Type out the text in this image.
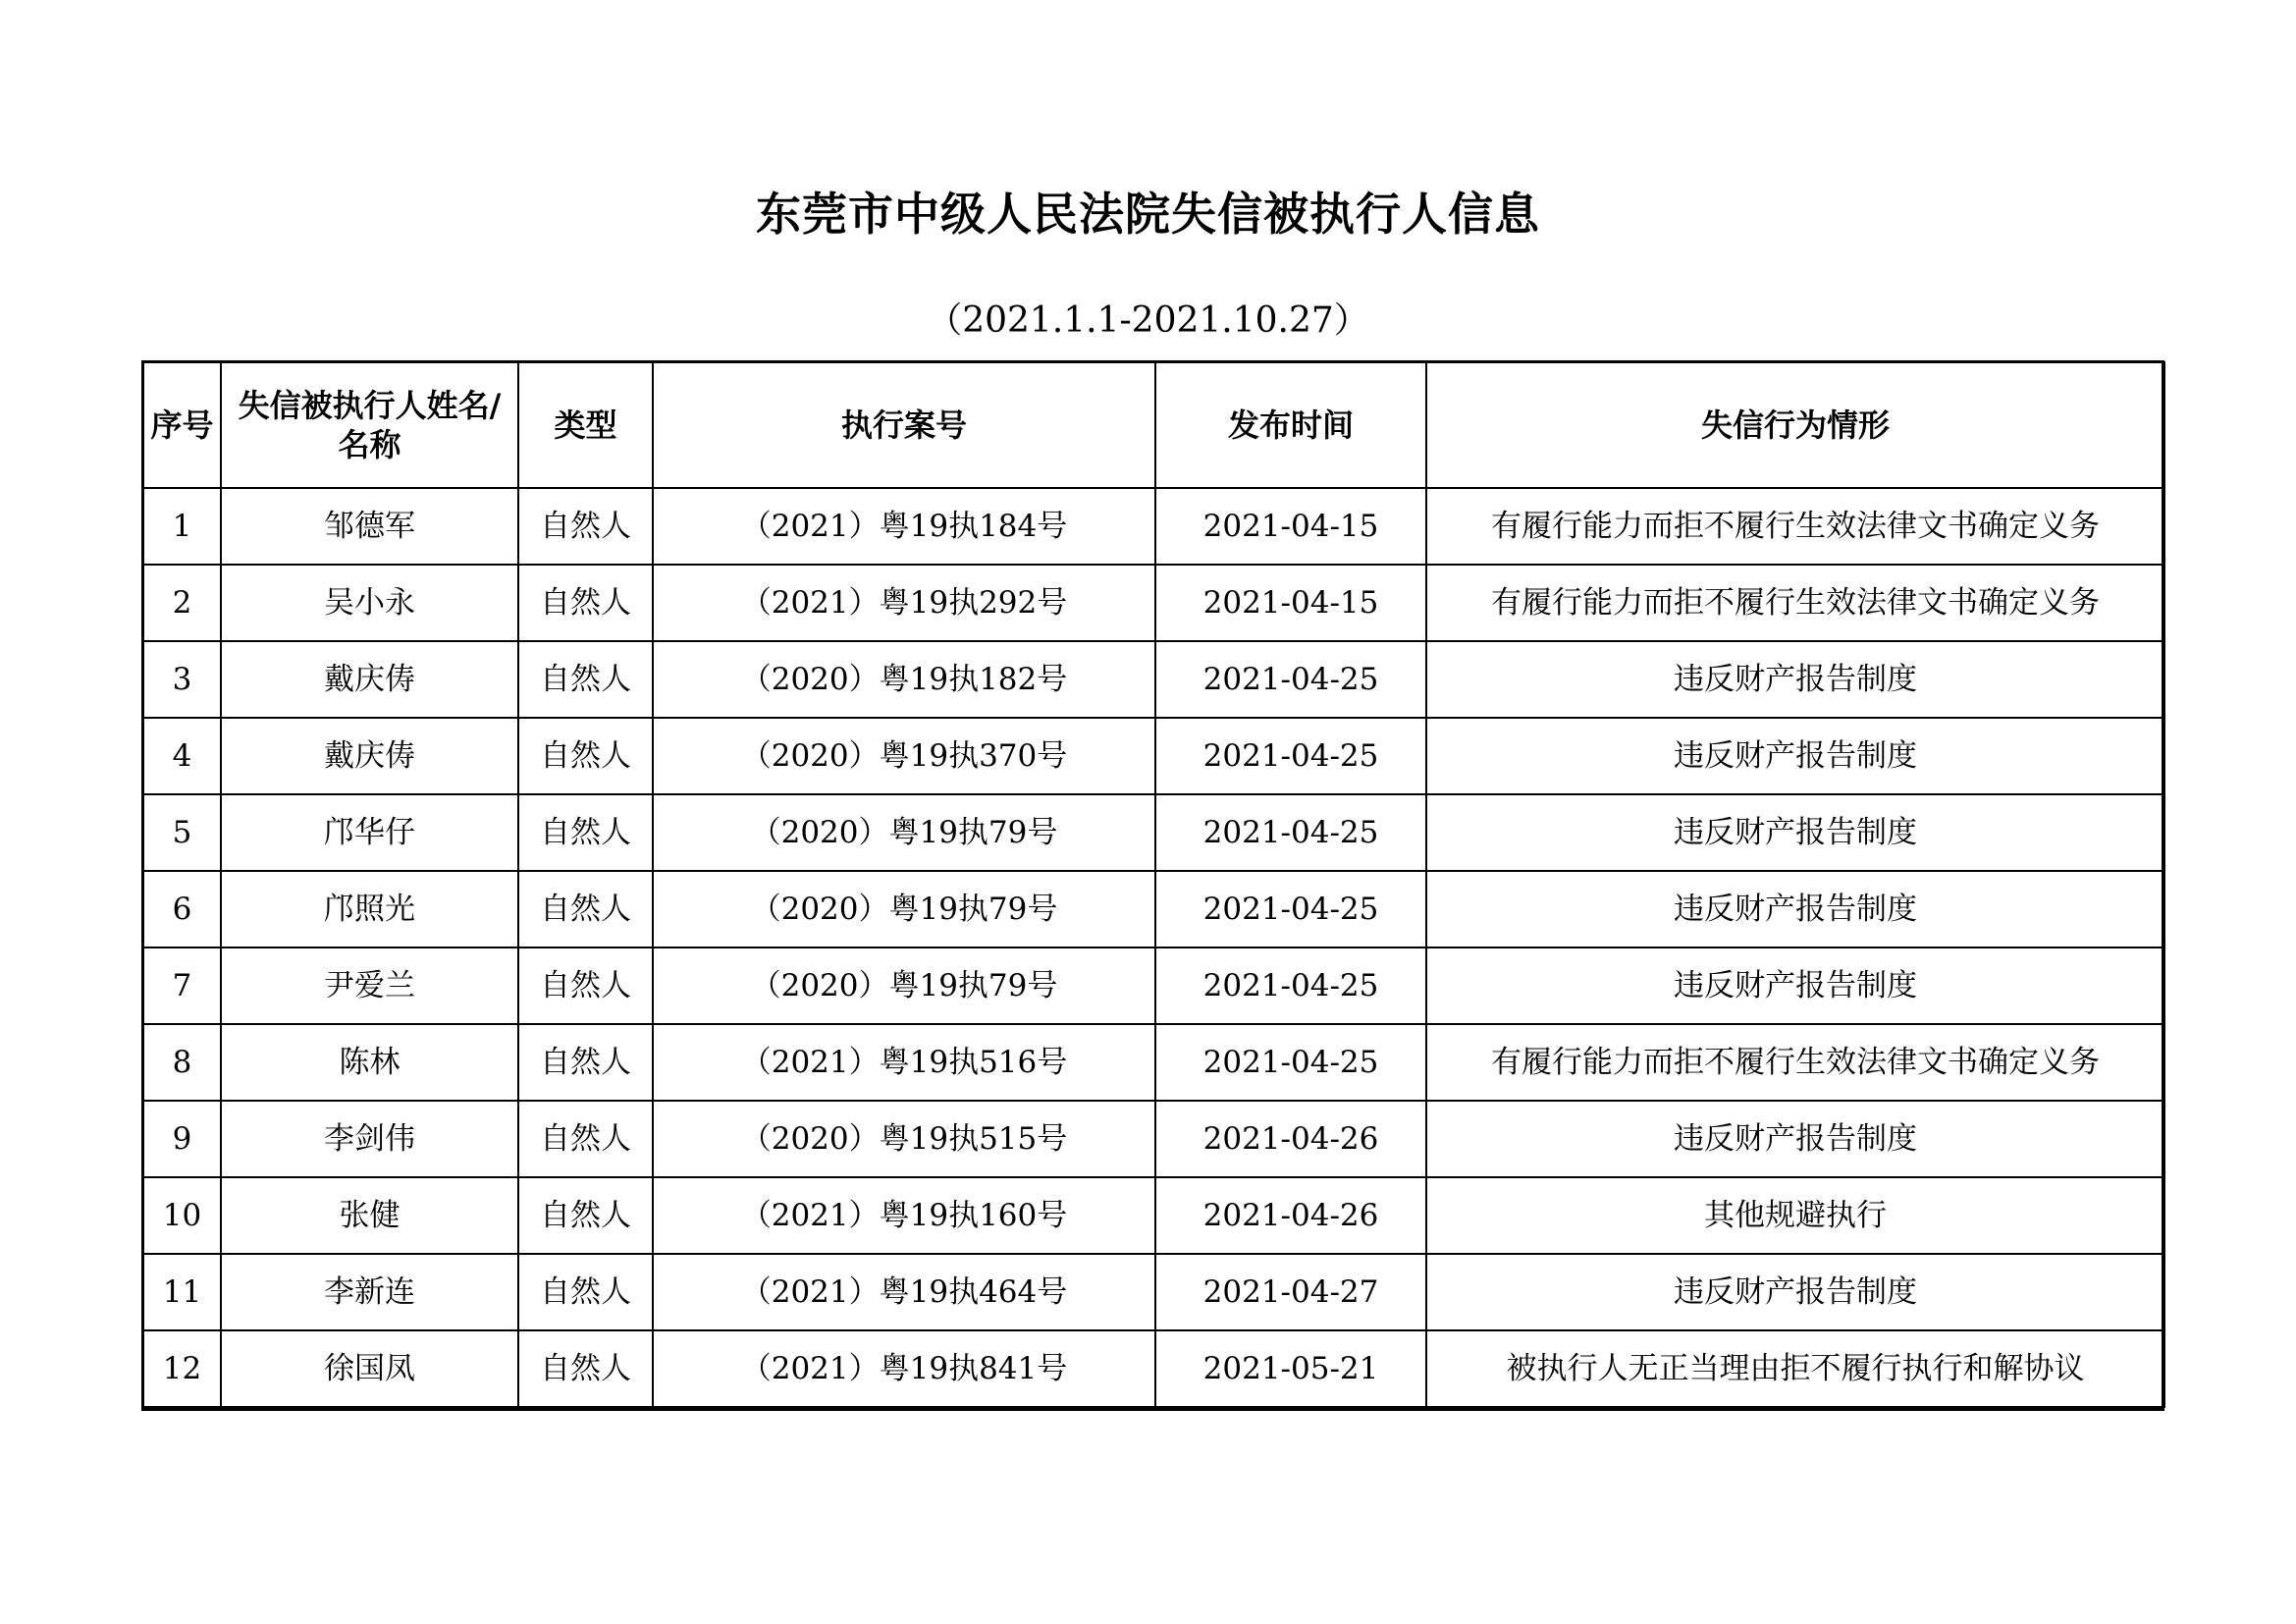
东莞市中级人民法院失信被执行人信息
（2021.1.1-2021.10.27）
序号	失信被执行人姓名/名称	类型	执行案号	发布时间	失信行为情形
1	邹德军	自然人	（2021）粤19执184号	2021-04-15	有履行能力而拒不履行生效法律文书确定义务
2	吴小永	自然人	（2021）粤19执292号	2021-04-15	有履行能力而拒不履行生效法律文书确定义务
3	戴庆俦	自然人	（2020）粤19执182号	2021-04-25	违反财产报告制度
4	戴庆俦	自然人	（2020）粤19执370号	2021-04-25	违反财产报告制度
5	邝华仔	自然人	（2020）粤19执79号	2021-04-25	违反财产报告制度
6	邝照光	自然人	（2020）粤19执79号	2021-04-25	违反财产报告制度
7	尹爱兰	自然人	（2020）粤19执79号	2021-04-25	违反财产报告制度
8	陈林	自然人	（2021）粤19执516号	2021-04-25	有履行能力而拒不履行生效法律文书确定义务
9	李剑伟	自然人	（2020）粤19执515号	2021-04-26	违反财产报告制度
10	张健	自然人	（2021）粤19执160号	2021-04-26	其他规避执行
11	李新连	自然人	（2021）粤19执464号	2021-04-27	违反财产报告制度
12	徐国凤	自然人	（2021）粤19执841号	2021-05-21	被执行人无正当理由拒不履行执行和解协议
